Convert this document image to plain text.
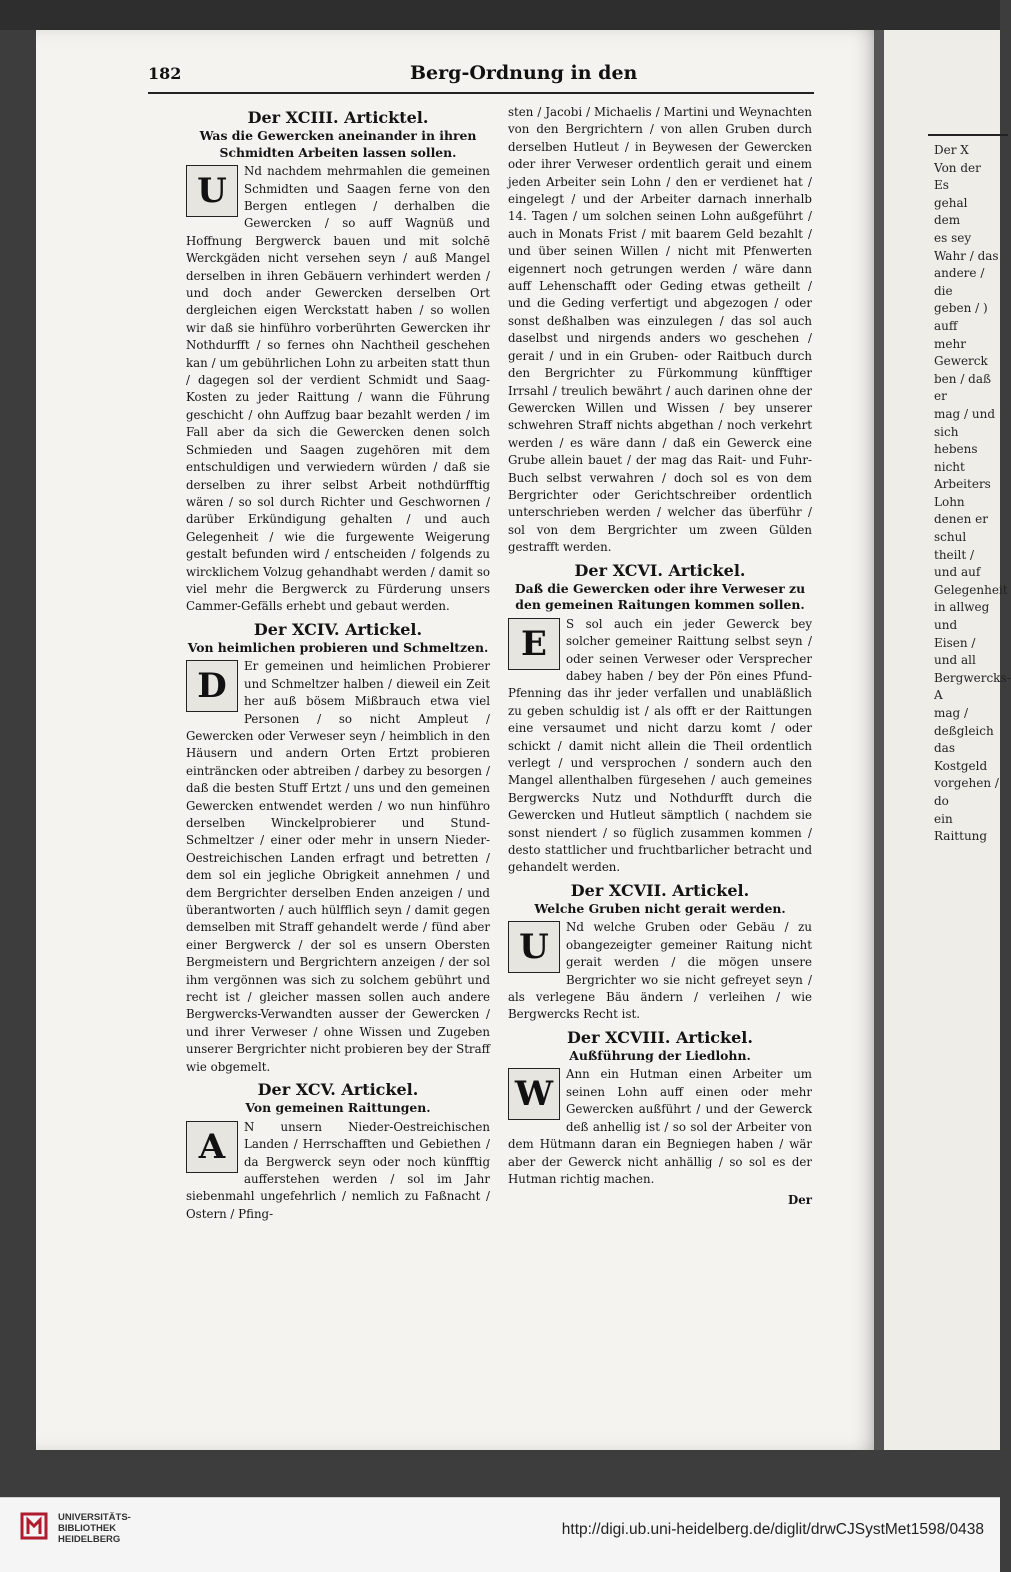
Der X
Von der
Es
gehal
dem
es sey
Wahr / das
andere / die
geben / ) auff
mehr Gewerck
ben / daß er
mag / und sich
hebens nicht
Arbeiters Lohn
denen er schul
theilt / und auf
Gelegenheit
in allweg und
Eisen / und all
Bergwercks-A
mag / deßgleich
das Kostgeld
vorgehen / do
ein Raittung
182	Berg-Ordnung in den
Der XCIII. Articktel.
Was die Gewercken aneinander in ihren Schmidten Arbeiten lassen sollen.

U	Nd nachdem mehrmahlen die gemeinen Schmidten und Saagen ferne von den Bergen entlegen / derhalben die Gewercken / so auff Wagnüß und Hoffnung Bergwerck bauen und mit solchē Werckgäden nicht versehen seyn / auß Mangel derselben in ihren Gebäuern verhindert werden / und doch ander Gewercken derselben Ort dergleichen eigen Werckstatt haben / so wollen wir daß sie hinführo vorberührten Gewercken ihr Nothdurfft / so fernes ohn Nachtheil geschehen kan / um gebührlichen Lohn zu arbeiten statt thun / dagegen sol der verdient Schmidt und Saag-Kosten zu jeder Raittung / wann die Führung geschicht / ohn Auffzug baar bezahlt werden / im Fall aber da sich die Gewercken denen solch Schmieden und Saagen zugehören mit dem entschuldigen und verwiedern würden / daß sie derselben zu ihrer selbst Arbeit nothdürfftig wären / so sol durch Richter und Geschwornen / darüber Erkündigung gehalten / und auch Gelegenheit / wie die furgewente Weigerung gestalt befunden wird / entscheiden / folgends zu wircklichem Volzug gehandhabt werden / damit so viel mehr die Bergwerck zu Fürderung unsers Cammer-Gefälls erhebt und gebaut werden.

Der XCIV. Artickel.
Von heimlichen probieren und Schmeltzen.

D	Er gemeinen und heimlichen Probierer und Schmeltzer halben / dieweil ein Zeit her auß bösem Mißbrauch etwa viel Personen / so nicht Ampleut / Gewercken oder Verweser seyn / heimblich in den Häusern und andern Orten Ertzt probieren einträncken oder abtreiben / darbey zu besorgen / daß die besten Stuff Ertzt / uns und den gemeinen Gewercken entwendet werden / wo nun hinführo derselben Winckelprobierer und Stund-Schmeltzer / einer oder mehr in unsern Nieder-Oestreichischen Landen erfragt und betretten / dem sol ein jegliche Obrigkeit annehmen / und dem Bergrichter derselben Enden anzeigen / und überantworten / auch hülfflich seyn / damit gegen demselben mit Straff gehandelt werde / fünd aber einer Bergwerck / der sol es unsern Obersten Bergmeistern und Bergrichtern anzeigen / der sol ihm vergönnen was sich zu solchem gebührt und recht ist / gleicher massen sollen auch andere Bergwercks-Verwandten ausser der Gewercken / und ihrer Verweser / ohne Wissen und Zugeben unserer Bergrichter nicht probieren bey der Straff wie obgemelt.

Der XCV. Artickel.
Von gemeinen Raittungen.

A	N unsern Nieder-Oestreichischen Landen / Herrschafften und Gebiethen / da Bergwerck seyn oder noch künfftig aufferstehen werden / sol im Jahr siebenmahl ungefehrlich / nemlich zu Faßnacht / Ostern / Pfing-

sten / Jacobi / Michaelis / Martini und Weynachten von den Bergrichtern / von allen Gruben durch derselben Hutleut / in Beywesen der Gewercken oder ihrer Verweser ordentlich gerait und einem jeden Arbeiter sein Lohn / den er verdienet hat / eingelegt / und der Arbeiter darnach innerhalb 14. Tagen / um solchen seinen Lohn außgeführt / auch in Monats Frist / mit baarem Geld bezahlt / und über seinen Willen / nicht mit Pfenwerten eigennert noch getrungen werden / wäre dann auff Lehenschafft oder Geding etwas getheilt / und die Geding verfertigt und abgezogen / oder sonst deßhalben was einzulegen / das sol auch daselbst und nirgends anders wo geschehen / gerait / und in ein Gruben- oder Raitbuch durch den Bergrichter zu Fürkommung künfftiger Irrsahl / treulich bewährt / auch darinen ohne der Gewercken Willen und Wissen / bey unserer schwehren Straff nichts abgethan / noch verkehrt werden / es wäre dann / daß ein Gewerck eine Grube allein bauet / der mag das Rait- und Fuhr-Buch selbst verwahren / doch sol es von dem Bergrichter oder Gerichtschreiber ordentlich unterschrieben werden / welcher das überführ / sol von dem Bergrichter um zween Gülden gestrafft werden.

Der XCVI. Artickel.
Daß die Gewercken oder ihre Verweser zu den gemeinen Raitungen kommen sollen.

E	S sol auch ein jeder Gewerck bey solcher gemeiner Raittung selbst seyn / oder seinen Verweser oder Versprecher dabey haben / bey der Pön eines Pfund-Pfenning das ihr jeder verfallen und unabläßlich zu geben schuldig ist / als offt er der Raittungen eine versaumet und nicht darzu komt / oder schickt / damit nicht allein die Theil ordentlich verlegt / und versprochen / sondern auch den Mangel allenthalben fürgesehen / auch gemeines Bergwercks Nutz und Nothdurfft durch die Gewercken und Hutleut sämptlich ( nachdem sie sonst niendert / so füglich zusammen kommen / desto stattlicher und fruchtbarlicher betracht und gehandelt werden.

Der XCVII. Artickel.
Welche Gruben nicht gerait werden.

U	Nd welche Gruben oder Gebäu / zu obangezeigter gemeiner Raitung nicht gerait werden / die mögen unsere Bergrichter wo sie nicht gefreyet seyn / als verlegene Bäu ändern / verleihen / wie Bergwercks Recht ist.

Der XCVIII. Artickel.
Außführung der Liedlohn.

W	Ann ein Hutman einen Arbeiter um seinen Lohn auff einen oder mehr Gewercken außführt / und der Gewerck deß anhellig ist / so sol der Arbeiter von dem Hütmann daran ein Begniegen haben / wär aber der Gewerck nicht anhällig / so sol es der Hutman richtig machen.

Der
UNIVERSITÄTS-
BIBLIOTHEK
HEIDELBERG
http://digi.ub.uni-heidelberg.de/diglit/drwCJSystMet1598/0438
